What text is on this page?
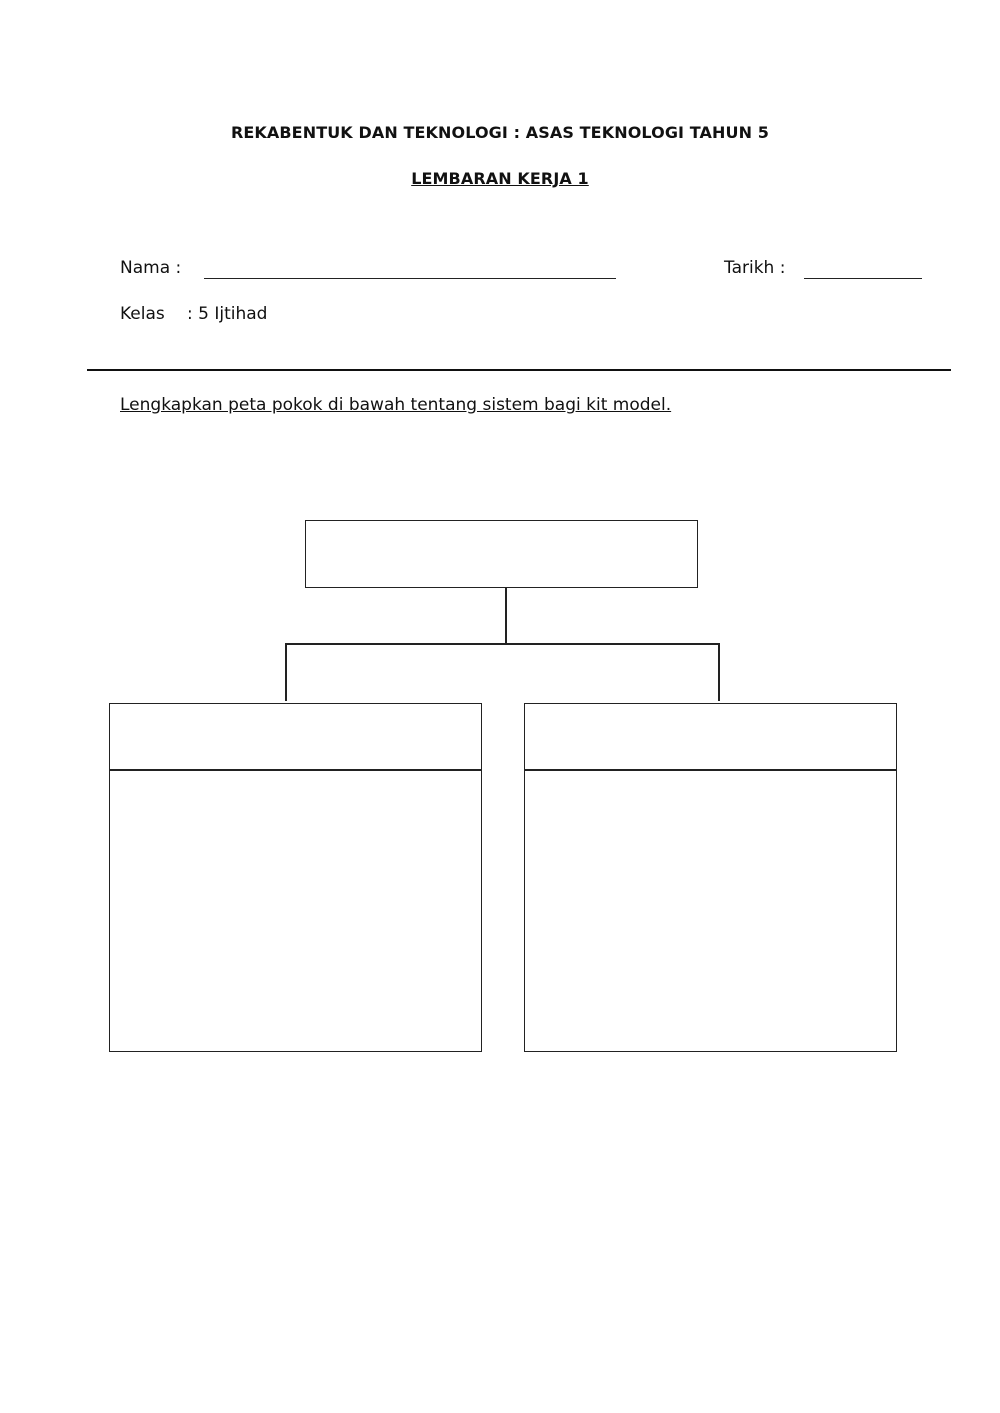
REKABENTUK DAN TEKNOLOGI : ASAS TEKNOLOGI TAHUN 5
LEMBARAN KERJA 1
Nama :	Tarikh :
Kelas : 5 Ijtihad
Lengkapkan peta pokok di bawah tentang sistem bagi kit model.
